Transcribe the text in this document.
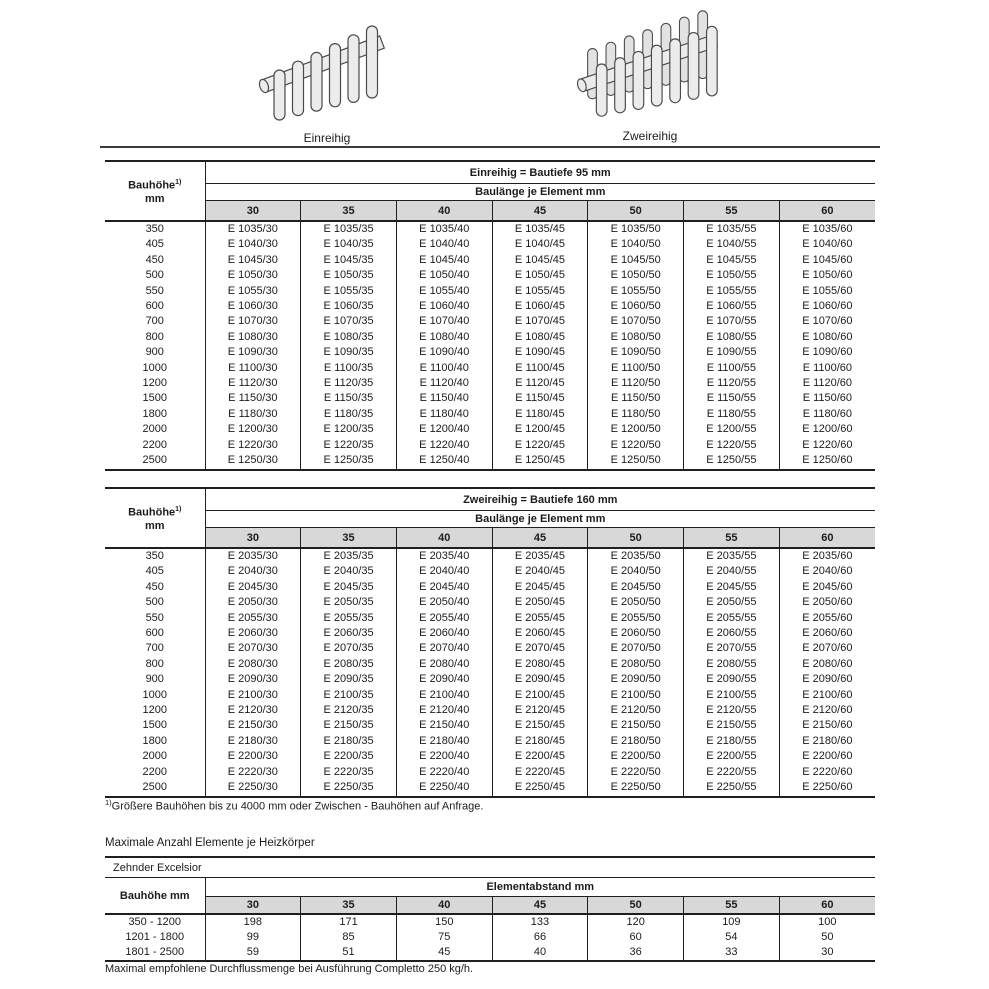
Einreihig	Zweireihig
Bauhöhe$^{1)}$
mm	Einreihig = Bautiefe 95 mm						
	Baulänge je Element mm						
	30	35	40	45	50	55	60
350	E 1035/30	E 1035/35	E 1035/40	E 1035/45	E 1035/50	E 1035/55	E 1035/60
405	E 1040/30	E 1040/35	E 1040/40	E 1040/45	E 1040/50	E 1040/55	E 1040/60
450	E 1045/30	E 1045/35	E 1045/40	E 1045/45	E 1045/50	E 1045/55	E 1045/60
500	E 1050/30	E 1050/35	E 1050/40	E 1050/45	E 1050/50	E 1050/55	E 1050/60
550	E 1055/30	E 1055/35	E 1055/40	E 1055/45	E 1055/50	E 1055/55	E 1055/60
600	E 1060/30	E 1060/35	E 1060/40	E 1060/45	E 1060/50	E 1060/55	E 1060/60
700	E 1070/30	E 1070/35	E 1070/40	E 1070/45	E 1070/50	E 1070/55	E 1070/60
800	E 1080/30	E 1080/35	E 1080/40	E 1080/45	E 1080/50	E 1080/55	E 1080/60
900	E 1090/30	E 1090/35	E 1090/40	E 1090/45	E 1090/50	E 1090/55	E 1090/60
1000	E 1100/30	E 1100/35	E 1100/40	E 1100/45	E 1100/50	E 1100/55	E 1100/60
1200	E 1120/30	E 1120/35	E 1120/40	E 1120/45	E 1120/50	E 1120/55	E 1120/60
1500	E 1150/30	E 1150/35	E 1150/40	E 1150/45	E 1150/50	E 1150/55	E 1150/60
1800	E 1180/30	E 1180/35	E 1180/40	E 1180/45	E 1180/50	E 1180/55	E 1180/60
2000	E 1200/30	E 1200/35	E 1200/40	E 1200/45	E 1200/50	E 1200/55	E 1200/60
2200	E 1220/30	E 1220/35	E 1220/40	E 1220/45	E 1220/50	E 1220/55	E 1220/60
2500	E 1250/30	E 1250/35	E 1250/40	E 1250/45	E 1250/50	E 1250/55	E 1250/60
Bauhöhe$^{1)}$
mm	Zweireihig = Bautiefe 160 mm						
	Baulänge je Element mm						
	30	35	40	45	50	55	60
350	E 2035/30	E 2035/35	E 2035/40	E 2035/45	E 2035/50	E 2035/55	E 2035/60
405	E 2040/30	E 2040/35	E 2040/40	E 2040/45	E 2040/50	E 2040/55	E 2040/60
450	E 2045/30	E 2045/35	E 2045/40	E 2045/45	E 2045/50	E 2045/55	E 2045/60
500	E 2050/30	E 2050/35	E 2050/40	E 2050/45	E 2050/50	E 2050/55	E 2050/60
550	E 2055/30	E 2055/35	E 2055/40	E 2055/45	E 2055/50	E 2055/55	E 2055/60
600	E 2060/30	E 2060/35	E 2060/40	E 2060/45	E 2060/50	E 2060/55	E 2060/60
700	E 2070/30	E 2070/35	E 2070/40	E 2070/45	E 2070/50	E 2070/55	E 2070/60
800	E 2080/30	E 2080/35	E 2080/40	E 2080/45	E 2080/50	E 2080/55	E 2080/60
900	E 2090/30	E 2090/35	E 2090/40	E 2090/45	E 2090/50	E 2090/55	E 2090/60
1000	E 2100/30	E 2100/35	E 2100/40	E 2100/45	E 2100/50	E 2100/55	E 2100/60
1200	E 2120/30	E 2120/35	E 2120/40	E 2120/45	E 2120/50	E 2120/55	E 2120/60
1500	E 2150/30	E 2150/35	E 2150/40	E 2150/45	E 2150/50	E 2150/55	E 2150/60
1800	E 2180/30	E 2180/35	E 2180/40	E 2180/45	E 2180/50	E 2180/55	E 2180/60
2000	E 2200/30	E 2200/35	E 2200/40	E 2200/45	E 2200/50	E 2200/55	E 2200/60
2200	E 2220/30	E 2220/35	E 2220/40	E 2220/45	E 2220/50	E 2220/55	E 2220/60
2500	E 2250/30	E 2250/35	E 2250/40	E 2250/45	E 2250/50	E 2250/55	E 2250/60

$^{1)}$Größere Bauhöhen bis zu 4000 mm oder Zwischen - Bauhöhen auf Anfrage.

Maximale Anzahl Elemente je Heizkörper

Zehnder Excelsior							
Bauhöhe mm	Elementabstand mm						
	30	35	40	45	50	55	60
350 - 1200	198	171	150	133	120	109	100
1201 - 1800	99	85	75	66	60	54	50
1801 - 2500	59	51	45	40	36	33	30

Maximal empfohlene Durchflussmenge bei Ausführung Completto 250 kg/h.
